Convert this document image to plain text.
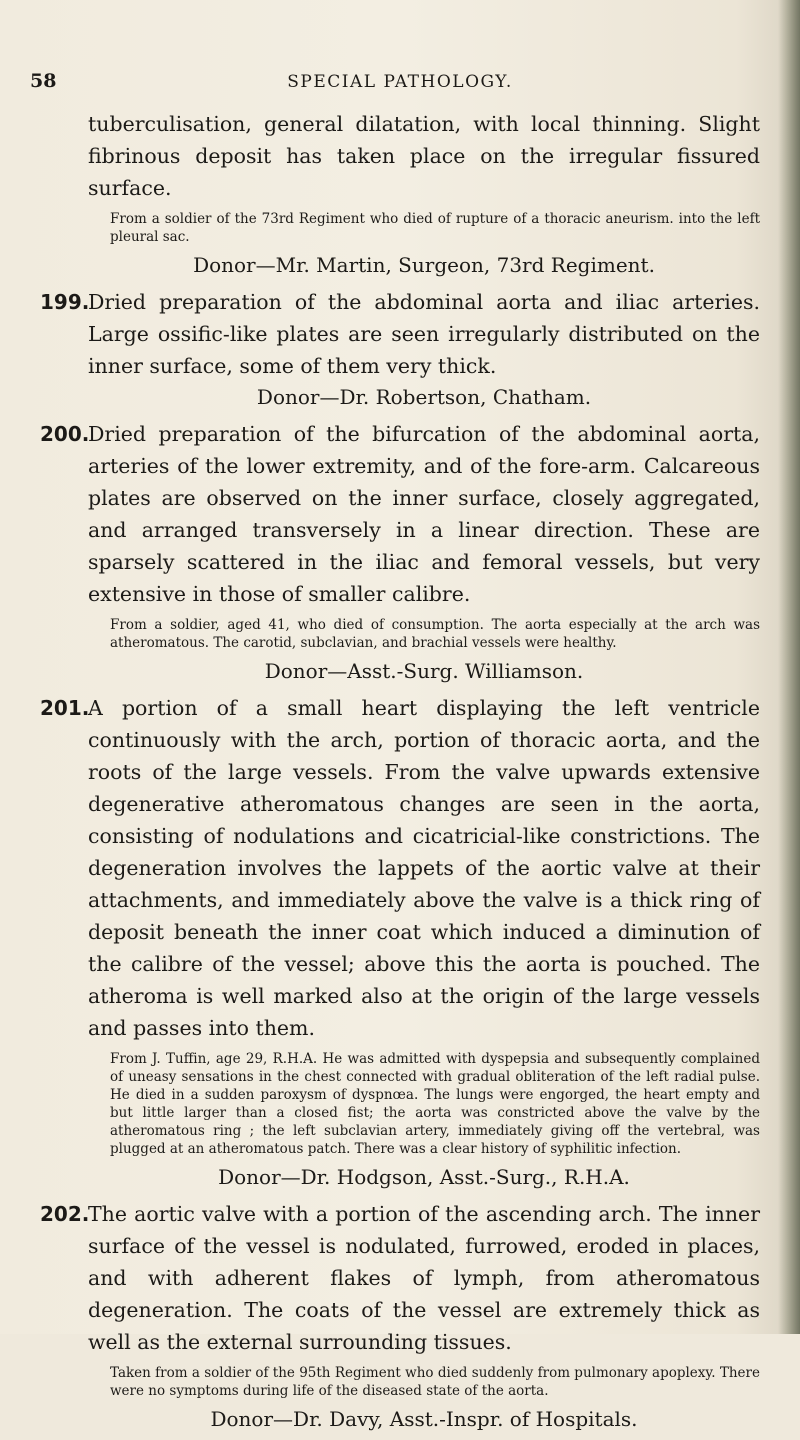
58	SPECIAL PATHOLOGY.

tuberculisation, general dilatation, with local thinning. Slight fibrinous deposit has taken place on the irregular fissured surface.

From a soldier of the 73rd Regiment who died of rupture of a thoracic aneurism. into the left pleural sac.

Donor—Mr. Martin, Surgeon, 73rd Regiment.

199.

Dried preparation of the abdominal aorta and iliac arteries. Large ossific-like plates are seen irregularly distributed on the inner surface, some of them very thick.

Donor—Dr. Robertson, Chatham.

200.

Dried preparation of the bifurcation of the abdominal aorta, arteries of the lower extremity, and of the fore-arm. Calcareous plates are observed on the inner surface, closely aggregated, and arranged transversely in a linear direction. These are sparsely scattered in the iliac and femoral vessels, but very extensive in those of smaller calibre.

From a soldier, aged 41, who died of consumption. The aorta especially at the arch was atheromatous. The carotid, subclavian, and brachial vessels were healthy.

Donor—Asst.-Surg. Williamson.

201.

A portion of a small heart displaying the left ventricle continuously with the arch, portion of thoracic aorta, and the roots of the large vessels. From the valve upwards extensive degenerative atheromatous changes are seen in the aorta, consisting of nodulations and cicatricial-like constrictions. The degeneration involves the lappets of the aortic valve at their attachments, and immediately above the valve is a thick ring of deposit beneath the inner coat which induced a diminution of the calibre of the vessel; above this the aorta is pouched. The atheroma is well marked also at the origin of the large vessels and passes into them.

From J. Tuffin, age 29, R.H.A. He was admitted with dyspepsia and subsequently complained of uneasy sensations in the chest connected with gradual obliteration of the left radial pulse. He died in a sudden paroxysm of dyspnœa. The lungs were engorged, the heart empty and but little larger than a closed fist; the aorta was constricted above the valve by the atheromatous ring ; the left subclavian artery, immediately giving off the vertebral, was plugged at an atheromatous patch. There was a clear history of syphilitic infection.

Donor—Dr. Hodgson, Asst.-Surg., R.H.A.

202.

The aortic valve with a portion of the ascending arch. The inner surface of the vessel is nodulated, furrowed, eroded in places, and with adherent flakes of lymph, from atheromatous degeneration. The coats of the vessel are extremely thick as well as the external surrounding tissues.

Taken from a soldier of the 95th Regiment who died suddenly from pulmonary apoplexy. There were no symptoms during life of the diseased state of the aorta.

Donor—Dr. Davy, Asst.-Inspr. of Hospitals.
